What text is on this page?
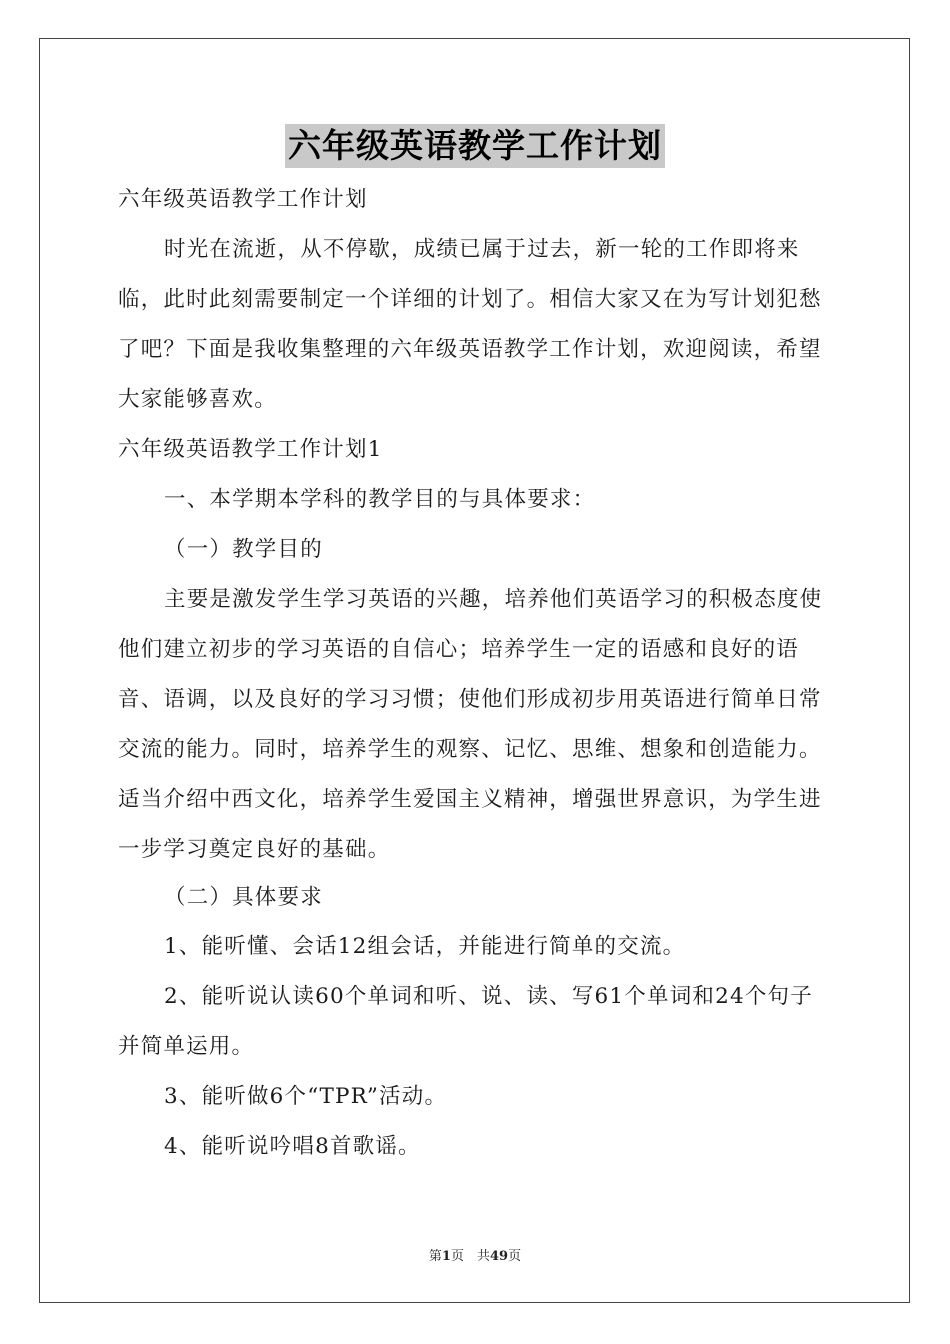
六年级英语教学工作计划

六年级英语教学工作计划

时光在流逝，从不停歇，成绩已属于过去，新一轮的工作即将来临，此时此刻需要制定一个详细的计划了。相信大家又在为写计划犯愁了吧？下面是我收集整理的六年级英语教学工作计划，欢迎阅读，希望大家能够喜欢。

六年级英语教学工作计划1

一、本学期本学科的教学目的与具体要求：

（一）教学目的

主要是激发学生学习英语的兴趣，培养他们英语学习的积极态度使他们建立初步的学习英语的自信心；培养学生一定的语感和良好的语音、语调，以及良好的学习习惯；使他们形成初步用英语进行简单日常交流的能力。同时，培养学生的观察、记忆、思维、想象和创造能力。适当介绍中西文化，培养学生爱国主义精神，增强世界意识，为学生进一步学习奠定良好的基础。

（二）具体要求

1、能听懂、会话12组会话，并能进行简单的交流。

2、能听说认读60个单词和听、说、读、写61个单词和24个句子并简单运用。

3、能听做6个“TPR”活动。

4、能听说吟唱8首歌谣。

第1页　共49页
